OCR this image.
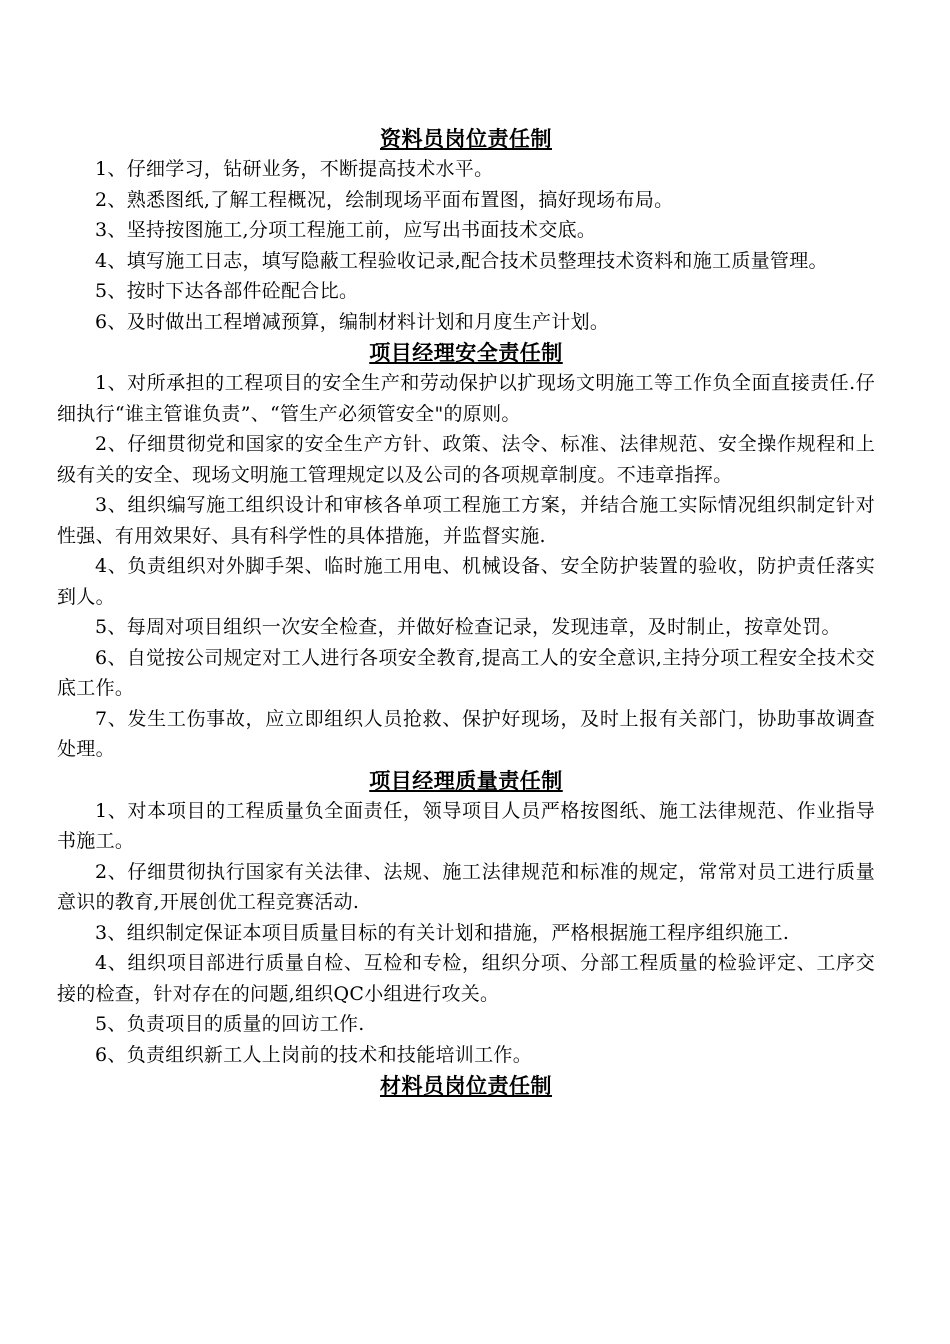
资料员岗位责任制

1、仔细学习，钻研业务，不断提高技术水平。

2、熟悉图纸,了解工程概况，绘制现场平面布置图，搞好现场布局。

3、坚持按图施工,分项工程施工前，应写出书面技术交底。

4、填写施工日志，填写隐蔽工程验收记录,配合技术员整理技术资料和施工质量管理。

5、按时下达各部件砼配合比。

6、及时做出工程增减预算，编制材料计划和月度生产计划。

项目经理安全责任制

1、对所承担的工程项目的安全生产和劳动保护以扩现场文明施工等工作负全面直接责任.仔细执行“谁主管谁负责”、“管生产必须管安全"的原则。

2、仔细贯彻党和国家的安全生产方针、政策、法令、标准、法律规范、安全操作规程和上级有关的安全、现场文明施工管理规定以及公司的各项规章制度。不违章指挥。

3、组织编写施工组织设计和审核各单项工程施工方案，并结合施工实际情况组织制定针对性强、有用效果好、具有科学性的具体措施，并监督实施.

4、负责组织对外脚手架、临时施工用电、机械设备、安全防护装置的验收，防护责任落实到人。

5、每周对项目组织一次安全检查，并做好检查记录，发现违章，及时制止，按章处罚。

6、自觉按公司规定对工人进行各项安全教育,提高工人的安全意识,主持分项工程安全技术交底工作。

7、发生工伤事故，应立即组织人员抢救、保护好现场，及时上报有关部门，协助事故调查处理。

项目经理质量责任制

1、对本项目的工程质量负全面责任，领导项目人员严格按图纸、施工法律规范、作业指导书施工。

2、仔细贯彻执行国家有关法律、法规、施工法律规范和标准的规定，常常对员工进行质量意识的教育,开展创优工程竞赛活动.

3、组织制定保证本项目质量目标的有关计划和措施，严格根据施工程序组织施工.

4、组织项目部进行质量自检、互检和专检，组织分项、分部工程质量的检验评定、工序交接的检查，针对存在的问题,组织QC小组进行攻关。

5、负责项目的质量的回访工作.

6、负责组织新工人上岗前的技术和技能培训工作。

材料员岗位责任制
